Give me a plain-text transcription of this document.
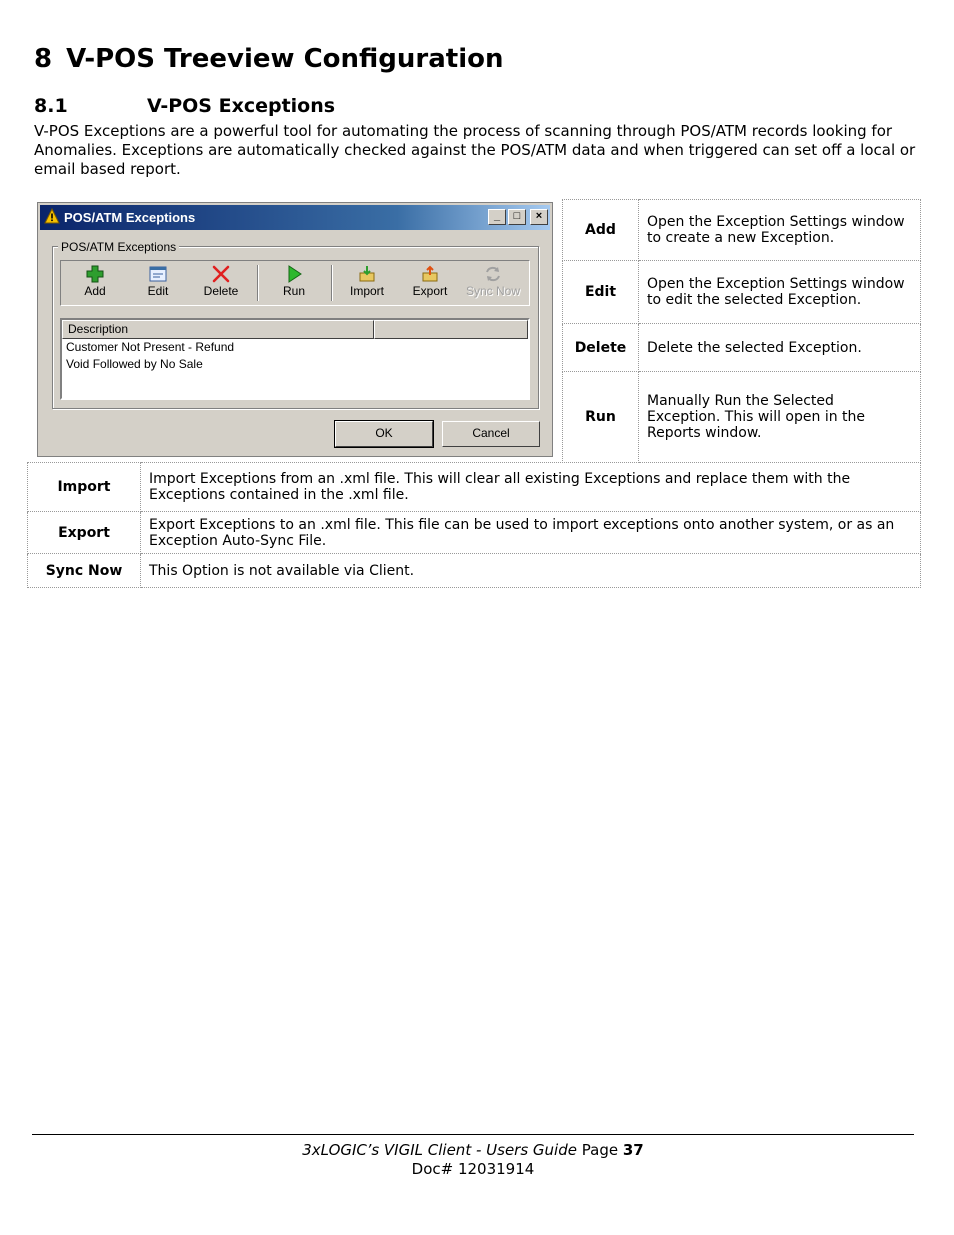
8 V-POS Treeview Configuration
8.1	V-POS Exceptions

V-POS Exceptions are a powerful tool for automating the process of scanning through POS/ATM records looking for Anomalies. Exceptions are automatically checked against the POS/ATM data and when triggered can set off a local or email based report.

POS/ATM Exceptions	_	□	×
POS/ATM Exceptions
Add	Edit	Delete	Run	Import	Export	Sync Now
Description
Customer Not Present - Refund
Void Followed by No Sale
OK	Cancel
Add	Open the Exception Settings window
to create a new Exception.

Edit	Open the Exception Settings window
to edit the selected Exception.

Delete	Delete the selected Exception.

Run	Manually Run the Selected
Exception. This will open in the
Reports window.
Import	Import Exceptions from an .xml file. This will clear all existing Exceptions and replace them with the
Exceptions contained in the .xml file.

Export	Export Exceptions to an .xml file. This file can be used to import exceptions onto another system, or as an
Exception Auto-Sync File.

Sync Now	This Option is not available via Client.
3xLOGIC’s VIGIL Client - Users Guide Page 37
Doc# 12031914
